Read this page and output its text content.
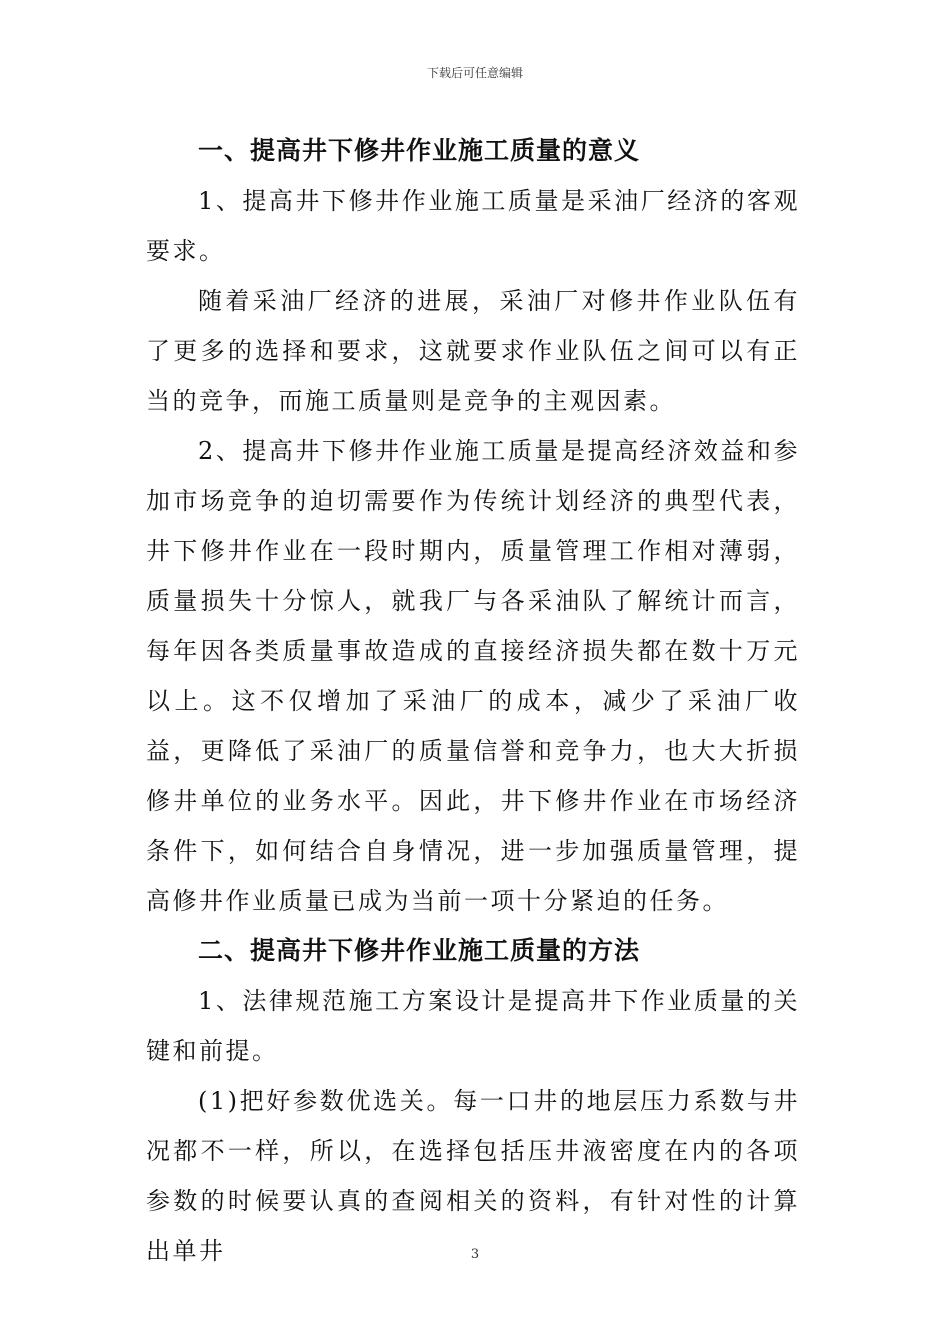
下载后可任意编辑
一、提高井下修井作业施工质量的意义

1、提高井下修井作业施工质量是采油厂经济的客观要求。

随着采油厂经济的进展，采油厂对修井作业队伍有了更多的选择和要求，这就要求作业队伍之间可以有正当的竞争，而施工质量则是竞争的主观因素。

2、提高井下修井作业施工质量是提高经济效益和参加市场竞争的迫切需要作为传统计划经济的典型代表，井下修井作业在一段时期内，质量管理工作相对薄弱，质量损失十分惊人，就我厂与各采油队了解统计而言，每年因各类质量事故造成的直接经济损失都在数十万元以上。这不仅增加了采油厂的成本，减少了采油厂收益，更降低了采油厂的质量信誉和竞争力，也大大折损修井单位的业务水平。因此，井下修井作业在市场经济条件下，如何结合自身情况，进一步加强质量管理，提高修井作业质量已成为当前一项十分紧迫的任务。

二、提高井下修井作业施工质量的方法

1、法律规范施工方案设计是提高井下作业质量的关键和前提。

(1)把好参数优选关。每一口井的地层压力系数与井况都不一样，所以，在选择包括压井液密度在内的各项参数的时候要认真的查阅相关的资料，有针对性的计算出单井	3
